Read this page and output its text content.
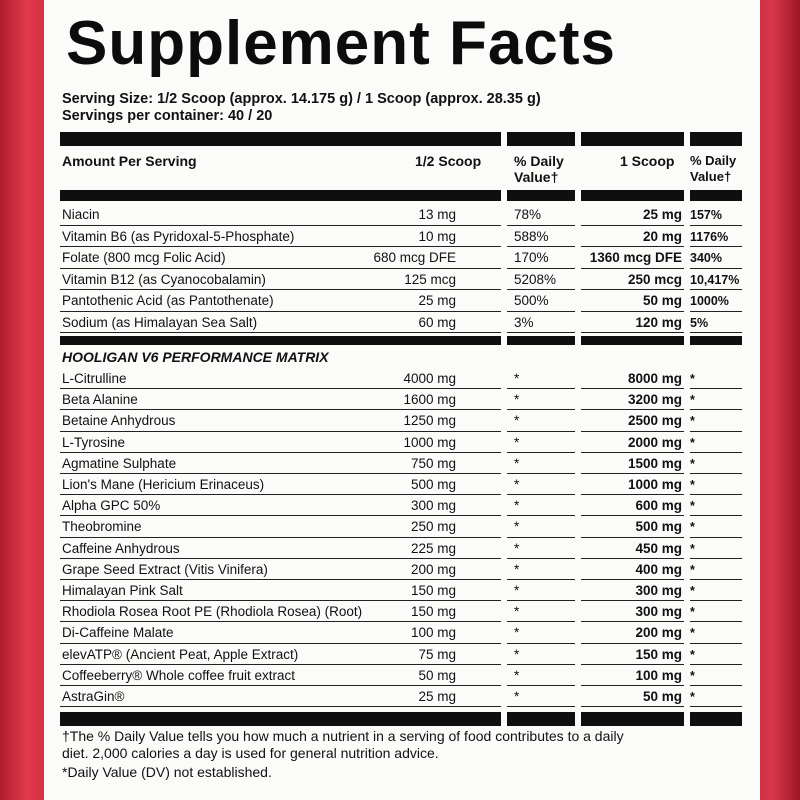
Supplement Facts
Serving Size: 1/2 Scoop (approx. 14.175 g) / 1 Scoop (approx. 28.35 g)
Servings per container: 40 / 20
Amount Per Serving	1/2 Scoop % Daily
Value†
1 Scoop % Daily
Value†
Niacin	13 mg	78%	25 mg 157%
Vitamin B6 (as Pyridoxal-5-Phosphate)	10 mg	588%	20 mg 1176%
Folate (800 mcg Folic Acid)	680 mcg DFE	170%	1360 mcg DFE 340%
Vitamin B12 (as Cyanocobalamin)	125 mcg	5208%	250 mcg 10,417%
Pantothenic Acid (as Pantothenate)	25 mg	500%	50 mg 1000%
Sodium (as Himalayan Sea Salt)	60 mg	3%	120 mg 5%
HOOLIGAN V6 PERFORMANCE MATRIX
L-Citrulline	4000 mg	*	8000 mg *
Beta Alanine	1600 mg	*	3200 mg *
Betaine Anhydrous	1250 mg	*	2500 mg *
L-Tyrosine	1000 mg	*	2000 mg *
Agmatine Sulphate	750 mg	*	1500 mg *
Lion's Mane (Hericium Erinaceus)	500 mg	*	1000 mg *
Alpha GPC 50%	300 mg	*	600 mg *
Theobromine	250 mg	*	500 mg *
Caffeine Anhydrous	225 mg	*	450 mg *
Grape Seed Extract (Vitis Vinifera)	200 mg	*	400 mg *
Himalayan Pink Salt	150 mg	*	300 mg *
Rhodiola Rosea Root PE (Rhodiola Rosea) (Root)	150 mg	*	300 mg *
Di-Caffeine Malate	100 mg	*	200 mg *
elevATP® (Ancient Peat, Apple Extract)	75 mg	*	150 mg *
Coffeeberry® Whole coffee fruit extract	50 mg	*	100 mg *
AstraGin®	25 mg	*	50 mg *
†The % Daily Value tells you how much a nutrient in a serving of food contributes to a daily
diet. 2,000 calories a day is used for general nutrition advice.
*Daily Value (DV) not established.
